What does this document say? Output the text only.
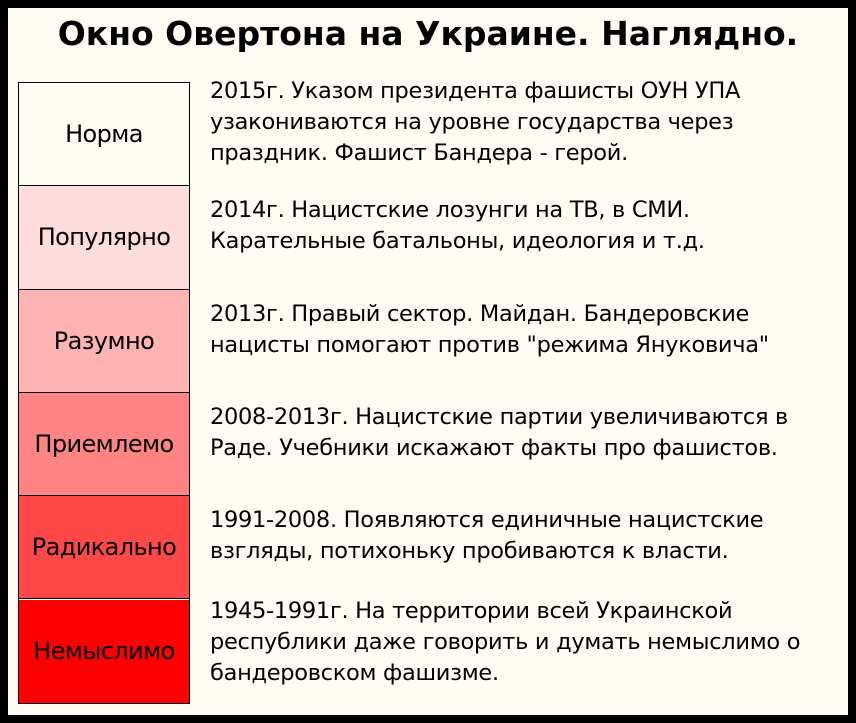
Окно Овертона на Украине. Наглядно.
Норма
Популярно
Разумно
Приемлемо
Радикально
Немыслимо
2015г. Указом президента фашисты ОУН УПА
узакониваются на уровне государства через
праздник. Фашист Бандера - герой.
2014г. Нацистские лозунги на ТВ, в СМИ.
Карательные батальоны, идеология и т.д.
2013г. Правый сектор. Майдан. Бандеровские
нацисты помогают против "режима Януковича"
2008-2013г. Нацистские партии увеличиваются в
Раде. Учебники искажают факты про фашистов.
1991-2008. Появляются единичные нацистские
взгляды, потихоньку пробиваются к власти.
1945-1991г. На территории всей Украинской
республики даже говорить и думать немыслимо о
бандеровском фашизме.
